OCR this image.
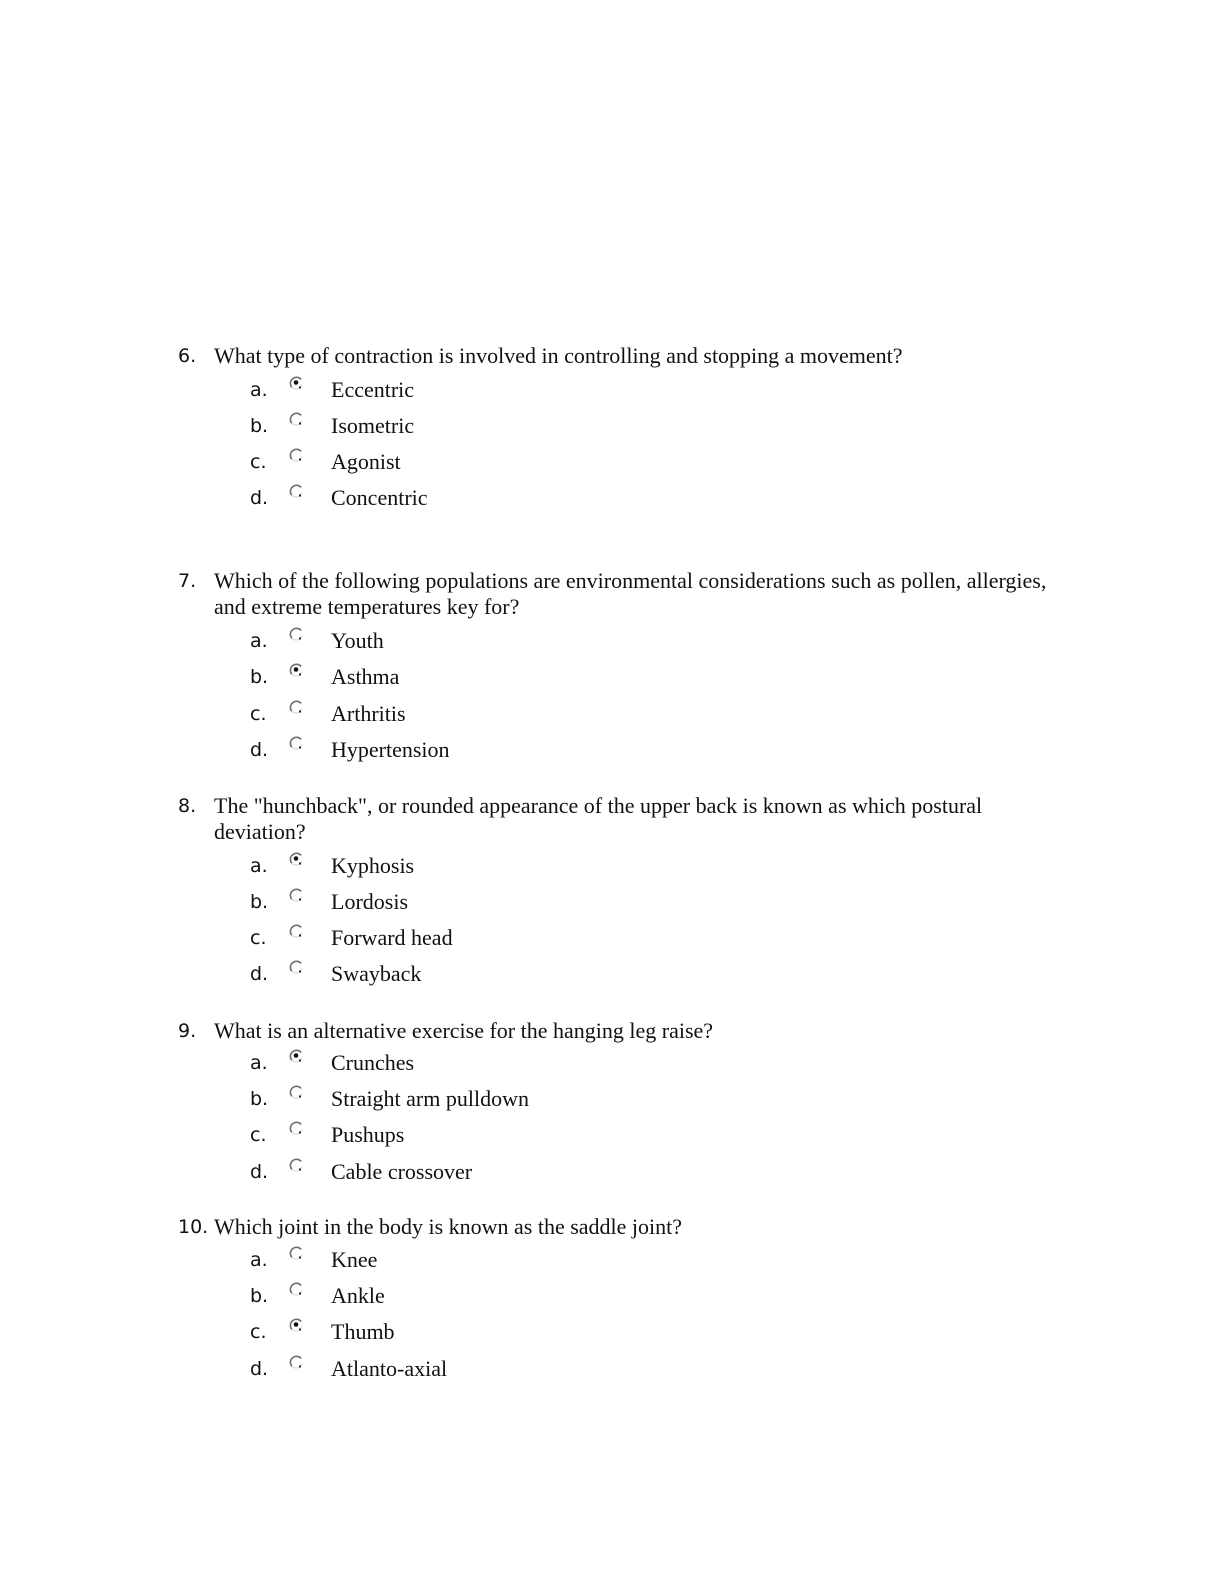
6. What type of contraction is involved in controlling and stopping a movement?
a.	Eccentric
b.	Isometric
c.	Agonist
d.	Concentric
7. Which of the following populations are environmental considerations such as pollen, allergies, and extreme temperatures key for?
a.	Youth
b.	Asthma
c.	Arthritis
d.	Hypertension
8. The "hunchback", or rounded appearance of the upper back is known as which postural deviation?
a.	Kyphosis
b.	Lordosis
c.	Forward head
d.	Swayback
9. What is an alternative exercise for the hanging leg raise?
a.	Crunches
b.	Straight arm pulldown
c.	Pushups
d.	Cable crossover
10. Which joint in the body is known as the saddle joint?
a.	Knee
b.	Ankle
c.	Thumb
d.	Atlanto-axial
